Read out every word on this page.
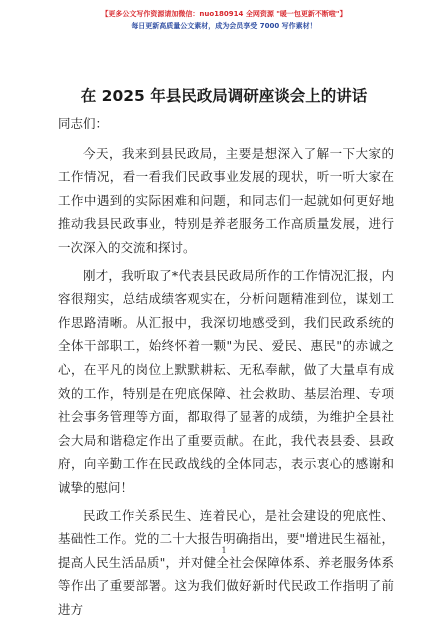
【更多公文写作资源请加微信：nuo180914 全网资源 "暖一包更新不断啦"】
每日更新高质量公文素材，成为会员享受 7000 写作素材！
在 2025 年县民政局调研座谈会上的讲话

同志们：

今天，我来到县民政局，主要是想深入了解一下大家的工作情况，看一看我们民政事业发展的现状，听一听大家在工作中遇到的实际困难和问题，和同志们一起就如何更好地推动我县民政事业，特别是养老服务工作高质量发展，进行一次深入的交流和探讨。

刚才，我听取了*代表县民政局所作的工作情况汇报，内容很翔实，总结成绩客观实在，分析问题精准到位，谋划工作思路清晰。从汇报中，我深切地感受到，我们民政系统的全体干部职工，始终怀着一颗"为民、爱民、惠民"的赤诚之心，在平凡的岗位上默默耕耘、无私奉献，做了大量卓有成效的工作，特别是在兜底保障、社会救助、基层治理、专项社会事务管理等方面，都取得了显著的成绩，为维护全县社会大局和谐稳定作出了重要贡献。在此，我代表县委、县政府，向辛勤工作在民政战线的全体同志，表示衷心的感谢和诚挚的慰问！

民政工作关系民生、连着民心，是社会建设的兜底性、基础性工作。党的二十大报告明确指出，要"增进民生福祉，提高人民生活品质"，并对健全社会保障体系、养老服务体系等作出了重要部署。这为我们做好新时代民政工作指明了前进方

1
